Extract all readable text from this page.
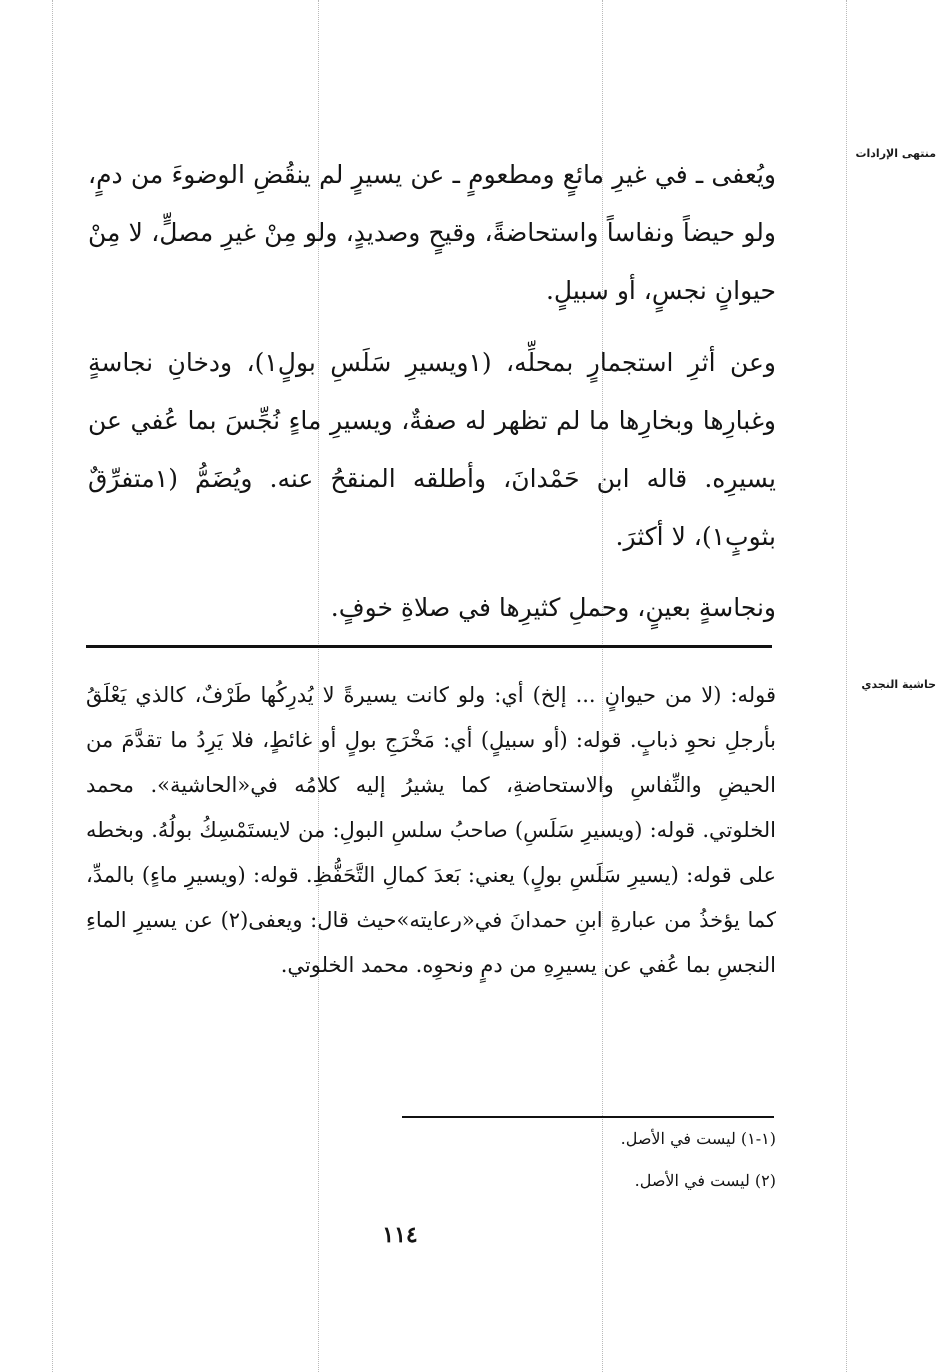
منتهى الإرادات
حاشية النجدي

ويُعفى ـ في غيرِ مائعٍ ومطعومٍ ـ عن يسيرٍ لم ينقُضِ الوضوءَ من دمٍ، ولو حيضاً ونفاساً واستحاضةً، وقيحٍ وصديدٍ، ولو مِنْ غيرِ مصلٍّ، لا مِنْ حيوانٍ نجسٍ، أو سبيلٍ.

وعن أثرِ استجمارٍ بمحلِّه، (١ويسيرِ سَلَسِ بولٍ١)، ودخانِ نجاسةٍ وغبارِها وبخارِها ما لم تظهر له صفةٌ، ويسيرِ ماءٍ نُجِّسَ بما عُفي عن يسيرِه. قاله ابن حَمْدانَ، وأطلقه المنقحُ عنه. ويُضَمُّ (١متفرِّقٌ بثوبٍ١)، لا أكثرَ.

ونجاسةٍ بعينٍ، وحملِ كثيرِها في صلاةِ خوفٍ.

قوله: (لا من حيوانٍ ... إلخ) أي: ولو كانت يسيرةً لا يُدرِكُها طَرْفٌ، كالذي يَعْلَقُ بأرجلِ نحوِ ذبابٍ. قوله: (أو سبيلٍ) أي: مَخْرَجِ بولٍ أو غائطٍ، فلا يَرِدُ ما تقدَّمَ من الحيضِ والنِّفاسِ والاستحاضةِ، كما يشيرُ إليه كلامُه في«الحاشية». محمد الخلوتي. قوله: (ويسيرِ سَلَسِ) صاحبُ سلسِ البولِ: من لايستَمْسِكُ بولُهُ. وبخطه على قوله: (يسيرِ سَلَسِ بولٍ) يعني: بَعدَ كمالِ التَّحَفُّظِ. قوله: (ويسيرِ ماءٍ) بالمدِّ، كما يؤخذُ من عبارةِ ابنِ حمدانَ في«رعايته»حيث قال: ويعفى(٢) عن يسيرِ الماءِ النجسِ بما عُفي عن يسيرِهِ من دمٍ ونحوِه. محمد الخلوتي.

(١-١) ليست في الأصل.

(٢) ليست في الأصل.

١١٤
